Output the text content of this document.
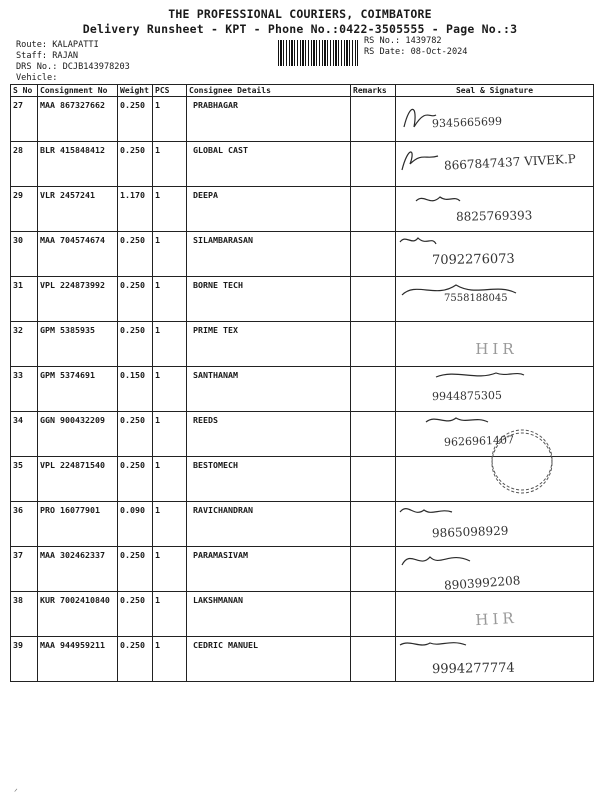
THE PROFESSIONAL COURIERS, COIMBATORE
Delivery Runsheet - KPT - Phone No.:0422-3505555 - Page No.:3
Route: KALAPATTI
Staff: RAJAN
DRS No.: DCJB143978203
Vehicle:
RS No.: 1439782
RS Date: 08-Oct-2024
S No	Consignment No	Weight	PCS	Consignee Details	Remarks	Seal & Signature
27	MAA 867327662	0.250	1	PRABHAGAR		9345665699

28	BLR 415848412	0.250	1	GLOBAL CAST		8667847437 VIVEK.P

29	VLR 2457241	1.170	1	DEEPA		8825769393

30	MAA 704574674	0.250	1	SILAMBARASAN		7092276073

31	VPL 224873992	0.250	1	BORNE TECH		7558188045

32	GPM 5385935	0.250	1	PRIME TEX		HIR

33	GPM 5374691	0.150	1	SANTHANAM		9944875305

34	GGN 900432209	0.250	1	REEDS		9626961407

35	VPL 224871540	0.250	1	BESTOMECH		

36	PRO 16077901	0.090	1	RAVICHANDRAN		9865098929

37	MAA 302462337	0.250	1	PARAMASIVAM		8903992208

38	KUR 7002410840	0.250	1	LAKSHMANAN		HIR

39	MAA 944959211	0.250	1	CEDRIC MANUEL		9994277774
ᐟ
